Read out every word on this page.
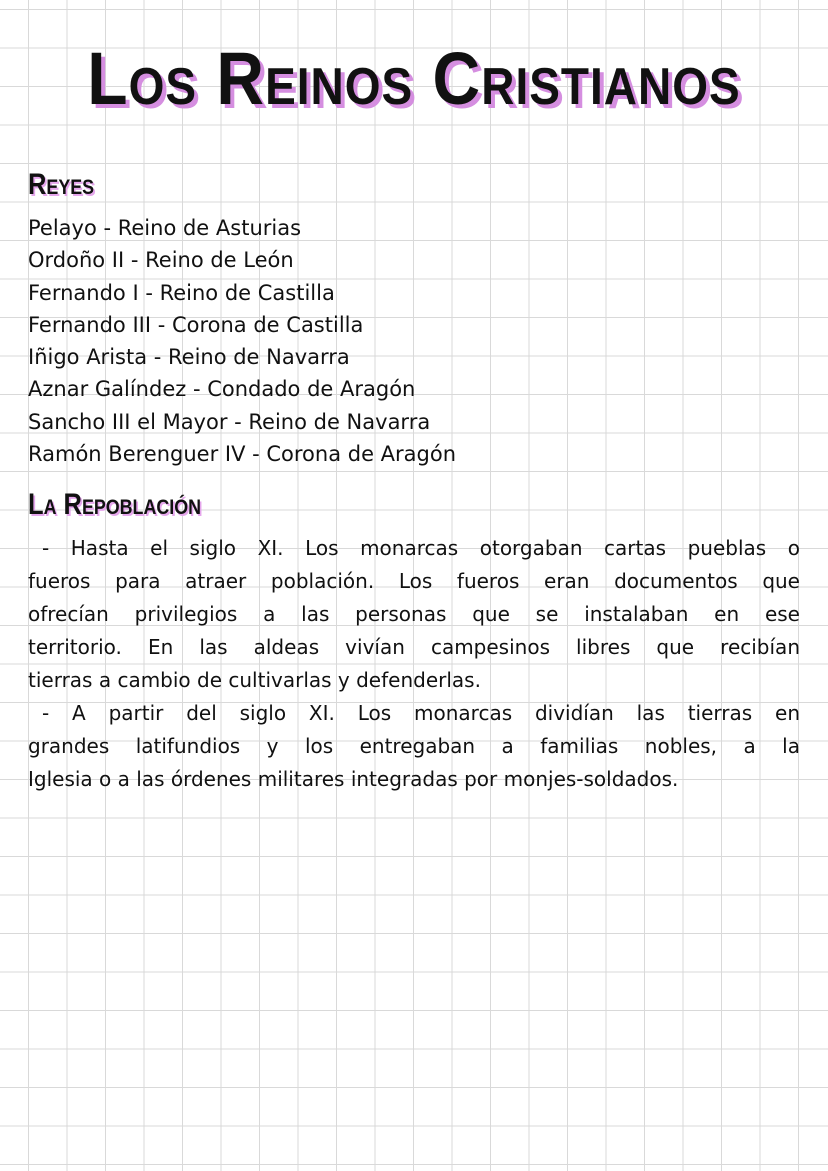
Los Reinos Cristianos
Reyes
Pelayo - Reino de Asturias
Ordoño II - Reino de León
Fernando I - Reino de Castilla
Fernando III - Corona de Castilla
Iñigo Arista - Reino de Navarra
Aznar Galíndez - Condado de Aragón
Sancho III el Mayor - Reino de Navarra
Ramón Berenguer IV - Corona de Aragón
La Repoblación
- Hasta el siglo XI. Los monarcas otorgaban cartas pueblas o
fueros para atraer población. Los fueros eran documentos que
ofrecían privilegios a las personas que se instalaban en ese
territorio. En las aldeas vivían campesinos libres que recibían
tierras a cambio de cultivarlas y defenderlas.
- A partir del siglo XI. Los monarcas dividían las tierras en
grandes latifundios y los entregaban a familias nobles, a la
Iglesia o a las órdenes militares integradas por monjes-soldados.
